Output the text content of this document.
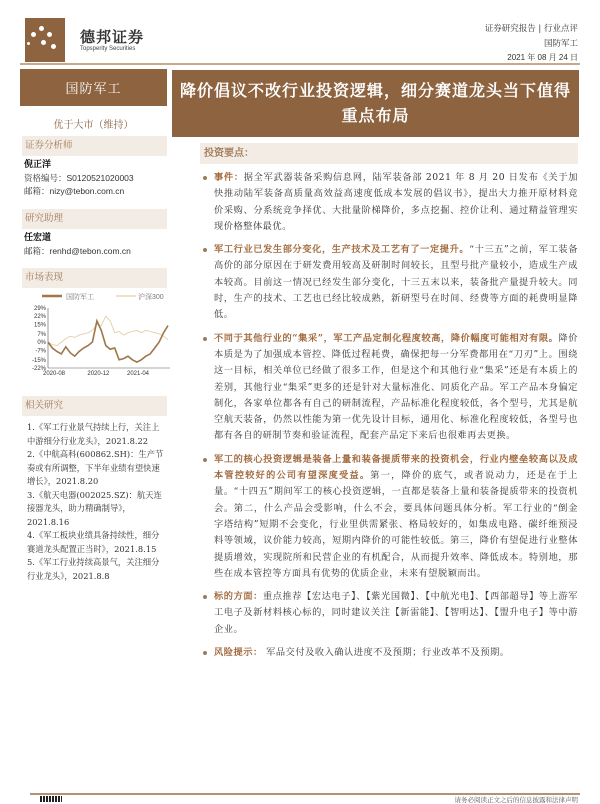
德邦证券
Topsperity Securities
证券研究报告 | 行业点评
国防军工
2021 年 08 月 24 日
国防军工
优于大市（维持）
证券分析师
倪正洋
资格编号：S0120521020003
邮箱：nizy@tebon.com.cn
研究助理
任宏道
邮箱：renhd@tebon.com.cn
市场表现
国防军工	沪深300
29%
22%
15%
7%
0%
-7%
-15%
-22%
2020-08	2020-12	2021-04
相关研究
1.《军工行业景气持续上行，关注上中游细分行业龙头》，2021.8.22
2.《中航高科(600862.SH)：生产节奏或有所调整，下半年业绩有望快速增长》，2021.8.20
3.《航天电器(002025.SZ)：航天连接器龙头，助力精确制导》，2021.8.16
4.《军工板块业绩具备持续性，细分赛道龙头配置正当时》，2021.8.15
5.《军工行业持续高景气，关注细分行业龙头》，2021.8.8
降价倡议不改行业投资逻辑，细分赛道龙头当下值得重点布局
投资要点：
事件：据全军武器装备采购信息网，陆军装备部 2021 年 8 月 20 日发布《关于加快推动陆军装备高质量高效益高速度低成本发展的倡议书》，提出大力推开原材料竞价采购、分系统竞争择优、大批量阶梯降价，多点挖掘、控价让利、通过精益管理实现价格整体最优。
军工行业已发生部分变化，生产技术及工艺有了一定提升。“十三五”之前，军工装备高价的部分原因在于研发费用较高及研制时间较长，且型号批产量较小，造成生产成本较高。目前这一情况已经发生部分变化，十三五末以来，装备批产量提升较大。同时，生产的技术、工艺也已经比较成熟，新研型号在时间、经费等方面的耗费明显降低。
不同于其他行业的“集采”，军工产品定制化程度较高，降价幅度可能相对有限。降价本质是为了加强成本管控、降低过程耗费，确保把每一分军费都用在“刀刃”上。围绕这一目标，相关单位已经做了很多工作，但是这个和其他行业“集采”还是有本质上的差别，其他行业“集采”更多的还是针对大量标准化、同质化产品。军工产品本身偏定制化，各家单位都各有自己的研制流程，产品标准化程度较低，各个型号，尤其是航空航天装备，仍然以性能为第一优先设计目标，通用化、标准化程度较低，各型号也都有各自的研制节奏和验证流程，配套产品定下来后也很难再去更换。
军工的核心投资逻辑是装备上量和装备提质带来的投资机会，行业内壁垒较高以及成本管控较好的公司有望深度受益。第一，降价的底气，或者说动力，还是在于上量。“十四五”期间军工的核心投资逻辑，一直都是装备上量和装备提质带来的投资机会。第二，什么产品会受影响，什么不会，要具体问题具体分析。军工行业的“倒金字塔结构”短期不会变化，行业里供需紧张、格局较好的，如集成电路、碳纤维预浸料等领域，议价能力较高，短期内降价的可能性较低。第三，降价有望促进行业整体提质增效，实现院所和民营企业的有机配合，从而提升效率、降低成本。特别地，那些在成本管控等方面具有优势的优质企业，未来有望脱颖而出。
标的方面：重点推荐【宏达电子】、【紫光国微】、【中航光电】、【西部超导】等上游军工电子及新材料核心标的，同时建议关注【新雷能】、【智明达】、【盟升电子】等中游企业。
风险提示： 军品交付及收入确认进度不及预期；行业改革不及预期。
请务必阅读正文之后的信息披露和法律声明
